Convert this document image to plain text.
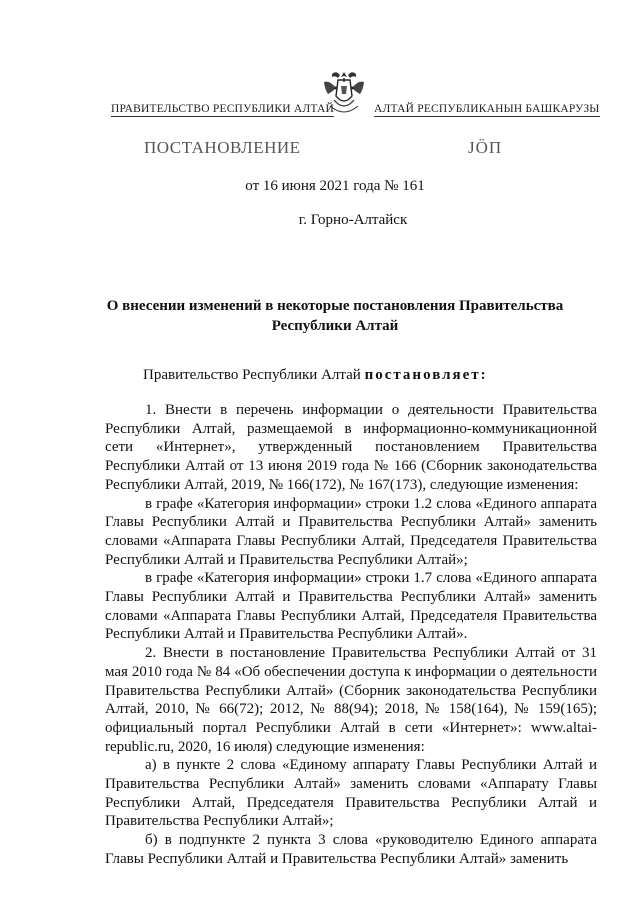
ПРАВИТЕЛЬСТВО РЕСПУБЛИКИ АЛТАЙ	АЛТАЙ РЕСПУБЛИКАНЫН БАШКАРУЗЫ
ПОСТАНОВЛЕНИЕ	ЈӦП
от 16 июня 2021 года № 161
г. Горно-Алтайск
О внесении изменений в некоторые постановления Правительства Республики Алтай
Правительство Республики Алтай постановляет:

1. Внести в перечень информации о деятельности Правительства Республики Алтай, размещаемой в информационно-коммуникационной сети «Интернет», утвержденный постановлением Правительства Республики Алтай от 13 июня 2019 года № 166 (Сборник законодательства Республики Алтай, 2019, № 166(172), № 167(173), следующие изменения:

в графе «Категория информации» строки 1.2 слова «Единого аппарата Главы Республики Алтай и Правительства Республики Алтай» заменить словами «Аппарата Главы Республики Алтай, Председателя Правительства Республики Алтай и Правительства Республики Алтай»;

в графе «Категория информации» строки 1.7 слова «Единого аппарата Главы Республики Алтай и Правительства Республики Алтай» заменить словами «Аппарата Главы Республики Алтай, Председателя Правительства Республики Алтай и Правительства Республики Алтай».

2. Внести в постановление Правительства Республики Алтай от 31 мая 2010 года № 84 «Об обеспечении доступа к информации о деятельности Правительства Республики Алтай» (Сборник законодательства Республики Алтай, 2010, № 66(72); 2012, № 88(94); 2018, № 158(164), № 159(165); официальный портал Республики Алтай в сети «Интернет»: www.altai-republic.ru, 2020, 16 июля) следующие изменения:

а) в пункте 2 слова «Единому аппарату Главы Республики Алтай и Правительства Республики Алтай» заменить словами «Аппарату Главы Республики Алтай, Председателя Правительства Республики Алтай и Правительства Республики Алтай»;

б) в подпункте 2 пункта 3 слова «руководителю Единого аппарата Главы Республики Алтай и Правительства Республики Алтай» заменить
